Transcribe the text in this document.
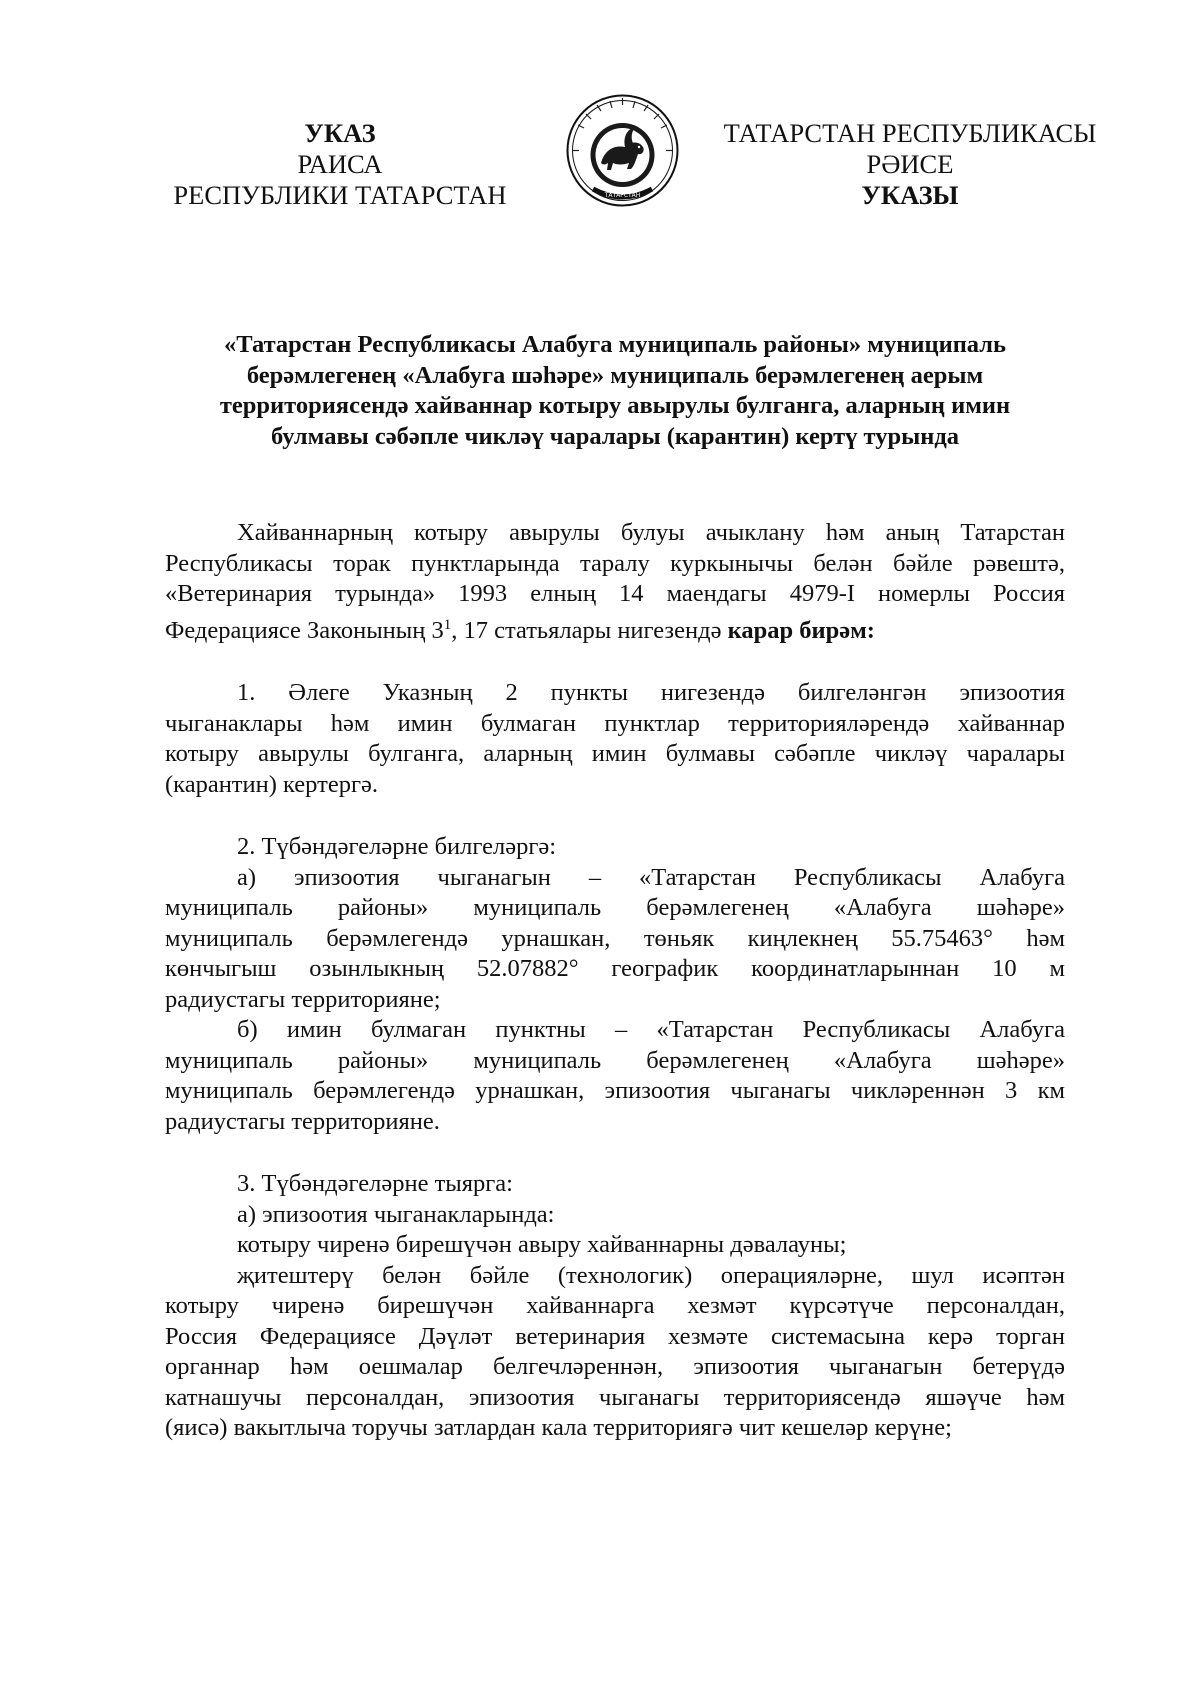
УКАЗ
РАИСА
РЕСПУБЛИКИ ТАТАРСТАН	ТАТАРСТАН
ТАТАРСТАН РЕСПУБЛИКАСЫ
РӘИСЕ
УКАЗЫ
«Татарстан Республикасы Алабуга муниципаль районы» муниципаль
берәмлегенең «Алабуга шәһәре» муниципаль берәмлегенең аерым
территориясендә хайваннар котыру авырулы булганга, аларның имин
булмавы сәбәпле чикләү чаралары (карантин) кертү турында
Хайваннарның котыру авырулы булуы ачыклану һәм аның Татарстан
Республикасы торак пунктларында таралу куркынычы белән бәйле рәвештә,
«Ветеринария турында» 1993 елның 14 маендагы 4979-I номерлы Россия
Федерациясе Законының $3^1$, 17 статьялары нигезендә карар бирәм:
1. Әлеге Указның 2 пункты нигезендә билгеләнгән эпизоотия
чыганаклары һәм имин булмаган пунктлар территорияләрендә хайваннар
котыру авырулы булганга, аларның имин булмавы сәбәпле чикләү чаралары
(карантин) кертергә.
2. Түбәндәгеләрне билгеләргә:
а) эпизоотия чыганагын – «Татарстан Республикасы Алабуга
муниципаль районы» муниципаль берәмлегенең «Алабуга шәһәре»
муниципаль берәмлегендә урнашкан, төньяк киңлекнең 55.75463° һәм
көнчыгыш озынлыкның 52.07882° географик координатларыннан 10 м
радиустагы территорияне;
б) имин булмаган пунктны – «Татарстан Республикасы Алабуга
муниципаль районы» муниципаль берәмлегенең «Алабуга шәһәре»
муниципаль берәмлегендә урнашкан, эпизоотия чыганагы чикләреннән 3 км
радиустагы территорияне.
3. Түбәндәгеләрне тыярга:
а) эпизоотия чыганакларында:
котыру чиренә бирешүчән авыру хайваннарны дәвалауны;
җитештерү белән бәйле (технологик) операцияләрне, шул исәптән
котыру чиренә бирешүчән хайваннарга хезмәт күрсәтүче персоналдан,
Россия Федерациясе Дәүләт ветеринария хезмәте системасына керә торган
органнар һәм оешмалар белгечләреннән, эпизоотия чыганагын бетерүдә
катнашучы персоналдан, эпизоотия чыганагы территориясендә яшәүче һәм
(яисә) вакытлыча торучы затлардан кала территориягә чит кешеләр керүне;
